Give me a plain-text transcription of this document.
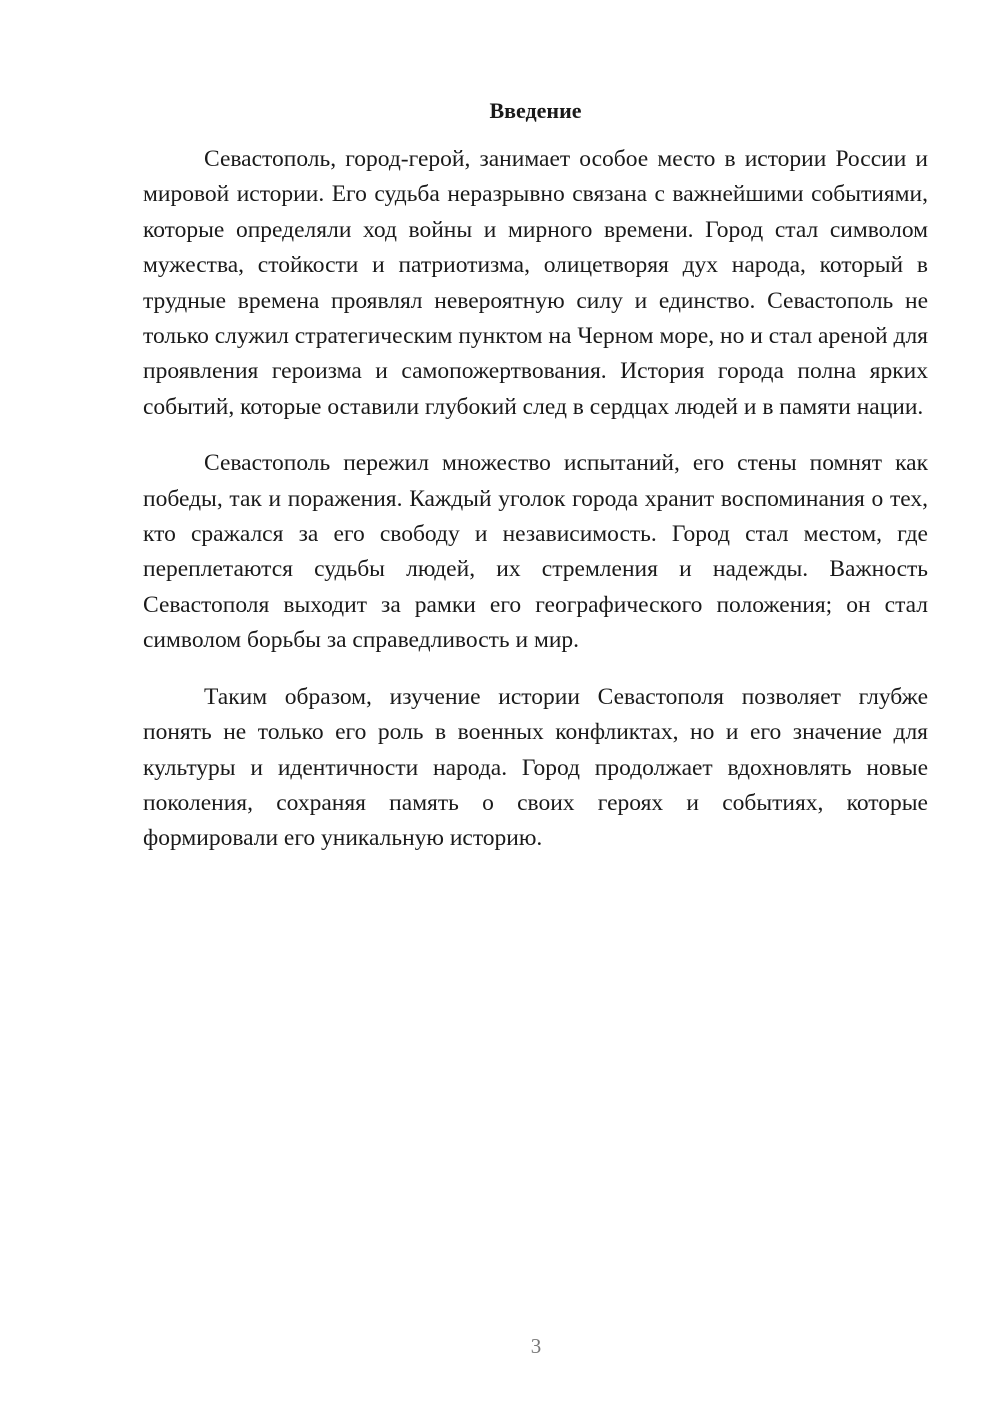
Введение

Севастополь, город-герой, занимает особое место в истории России и мировой истории. Его судьба неразрывно связана с важнейшими событиями, которые определяли ход войны и мирного времени. Город стал символом мужества, стойкости и патриотизма, олицетворяя дух народа, который в трудные времена проявлял невероятную силу и единство. Севастополь не только служил стратегическим пунктом на Черном море, но и стал ареной для проявления героизма и самопожертвования. История города полна ярких событий, которые оставили глубокий след в сердцах людей и в памяти нации.

Севастополь пережил множество испытаний, его стены помнят как победы, так и поражения. Каждый уголок города хранит воспоминания о тех, кто сражался за его свободу и независимость. Город стал местом, где переплетаются судьбы людей, их стремления и надежды. Важность Севастополя выходит за рамки его географического положения; он стал символом борьбы за справедливость и мир.

Таким образом, изучение истории Севастополя позволяет глубже понять не только его роль в военных конфликтах, но и его значение для культуры и идентичности народа. Город продолжает вдохновлять новые поколения, сохраняя память о своих героях и событиях, которые формировали его уникальную историю.

3
